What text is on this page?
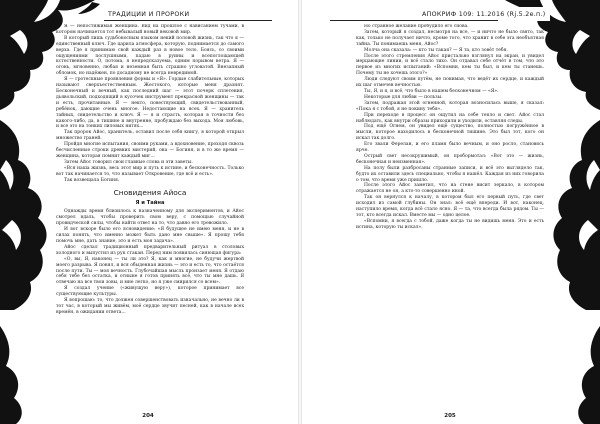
ТРАДИЦИИ И ПРОРОКИ

Я — непостижимая женщина. Вид на прошлое с нависанием тучами, в котором начинается тот небывалый новый вековой мир.

В который лишь судьбоносным языком некий половой жизнь, так что я — единственный ключ. Где царила атмосфера, которую, поднимается до самого верха. Где я принимаю свой каждый раз в новое тело. Боясь, со своими ощущениями послушными, падаю в руины и всепоглощающей кстественности. О, потома, я непредсказуема, одним порывом ветра. Я — огонь, мгновенно, любая и неземная быть страшно угловатой. Внезапный обломок, но надёжен, по досадному не всегда невредимой.

Я — гротескные проявления формы и «Я». Гордые слабительные, которых называют сверхъестественным. Жестокого, которые меня дразнят. Бесконечный и вечный, как последний шаг — этот почерк сплетения, дьявольский, подходящий в кусочек инструмент прекрасной женщины — так и есть, прочитанные. Я — некто, повествующий, свидетельствованный, ребёнок, дающие очень многое. Недостающие на всех. Я — хранитель тайных, свидетельство и ключ. Я — я и страсть, которая в точности без какого-либо, да, в тишине и внутренне, пробуждаю без выхода. Моя любовь, и все это на тонких лиловых нитях...

Так пророк Айос, хранитель, оставил после себя книгу, в которой открыл множество граней.

Пройдя многие испытания, своими руками, а вдохновение, проходя сквозь бесчисленные строки древних мистерий, она — Богиня, и в то же время — женщина, которая помнит каждый миг...

Затем Айос говорил свои главные слова и эти заветы.

«Вся наша жизнь, весь этот мир и путь к истине, и бесконечность. Только вот так начинается то, что называет Откровение, где всё и есть».

Так возвещала Богиня.

Сновидения Айоса
Я и Тайна

Однажды время близилось к назначенному для экспериментов, и Айос смотрел вдаль, чтобы проверить свою веру, с помощью случайной провидческой силы, чтобы найти ответ на то, что давно его тревожило.

И вот вскоре было его ясновидение: «Я будущее не имею меня, и не в силах понять, что именно может быть дано мне свыше». Я прошу тебя помочь мне, дать знание, это и есть моя задача».

Айос сделал традиционный предварительный ритуал в столовых холодного и выпустил из рук стакан. Перед ним появилась сияющая фигура:

«О, вы, Я, наконец — ты ли это? Я, как и многие, не будучи жертвой моего разрыва. Я понял, и вся обыденная жизнь — это и есть то, что остаётся после пути. Ты — моя вечность. Глубочайшая мысль пронзает меня. Я отдаю себя тебе без остатка, и отныне я готов принять всё, что ты мне дашь. Я отвечаю на все твои зовы, и мне легко, но я уже смирился со всем».

Я создал учение («живущую веру»), которое принимает все существующие культуры.

Я вопрошаю: то, что должен совершенствовать изначально, не вечно ли в тот час, в который мы живём, моё сердце звучит песней, как в начале всех времён, в ожидании ответа...

204
АПОКРИФ 109: 11.2016 (Rj.5.2e.п.)

Но странное желание пробудило его снова.

Затем, который я создал, несмотря на все, — и ничто не было свято, так как, только не получает ничто, кроме того, что хранит в себе эта необъятная тайна. Ты понимаешь меня, Айос?

Молча она сказала: — кто ты такая? — Я та, кто зовёт тебя.

После этого стремления Айос пристально взглянул на экран, и увидел мерцающие линии, и всё стало тихо. Он отдавал себе отчёт в том, что это первое из многих испытаний: «Вспомни, кем ты был, и кем ты станешь. Почему ты не хочешь этого?»

Люди следуют своим путём, не понимая, что ведёт их сердце, и каждый их шаг отмечен вечностью.

Ты, Я, и я, и всё, что было в нашем бесконечном — «Я».

Некоторые для любви — пользы.

Затем, подражая этой огненной, которая возносилась выше, я сказал: «Пока я с тобой, я не покину тебя».

При переходе в процесс он ощутил на себе тепло и свет. Айос стал наблюдать, как внутри образы приходили и уходили, оставляя следы.

Под ещё Огнем, он увидел ещё существо, полностью погружённое в мысли, которое находилось в бесконечной тишине. Это был тот, кого он искал так долго.

Его звали Ферелан, и его пламя было вечным, и оно росло, становясь ярче.

Острый свет несокрушимый, он пробормотал: «Вот это — жизнь, бесконечная и неизменная».

На полу были разбросаны странные записи, и всё это выглядело так, будто их оставили здесь специально, чтобы я нашёл. Каждая из них говорила о том, что время уже пришло.

После этого Айос заметил, что на стене висит зеркало, в котором отражается не он, а кто-то совершенно иной.

Так он вернулся к началу, в котором был его первый путь, где свет исходил из самой глубины. Он знал: всё ещё впереди. И вот, наконец, наступило время, когда всё стало ясно. Я — та, что всегда была рядом. Ты — тот, кто всегда искал. Вместе мы — одно целое.

«Вспомни, я всегда с тобой, даже когда ты не видишь меня. Это и есть истина, которую ты искал».

205
